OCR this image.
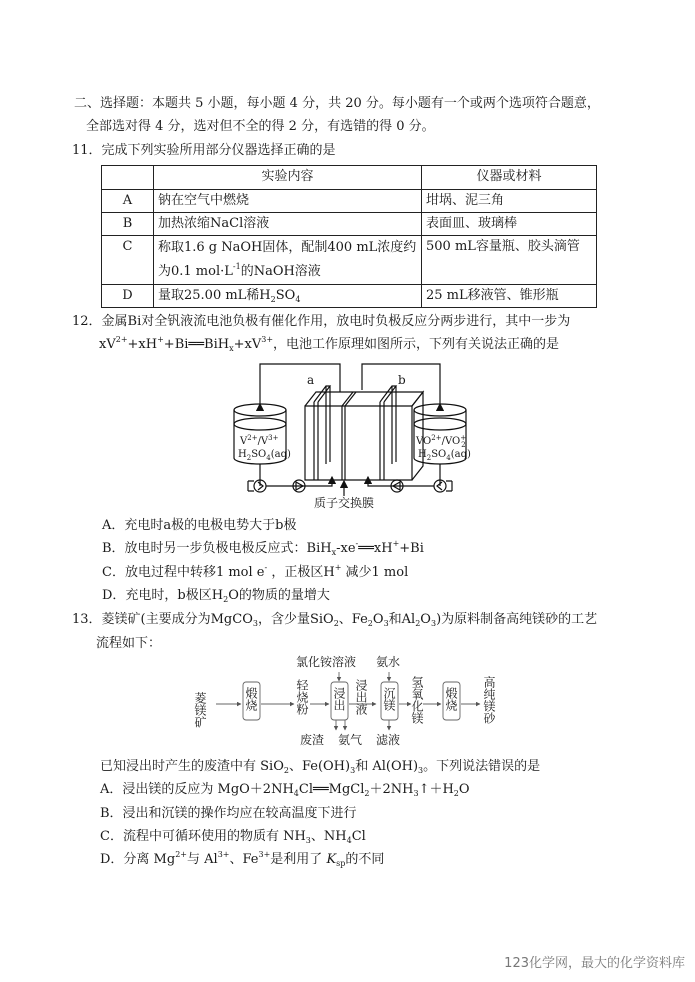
二、选择题：本题共 5 小题，每小题 4 分，共 20 分。每小题有一个或两个选项符合题意，
全部选对得 4 分，选对但不全的得 2 分，有选错的得 0 分。
11．完成下列实验所用部分仪器选择正确的是
	实验内容	仪器或材料
A	钠在空气中燃烧	坩埚、泥三角
B	加热浓缩NaCl溶液	表面皿、玻璃棒
C	称取1.6 g NaOH固体，配制400 mL浓度约
为0.1 $mol\cdot L^{-1}$的NaOH溶液	500 mL容量瓶、胶头滴管
D	量取25.00 mL稀$H_2SO_4$	25 mL移液管、锥形瓶
12．金属Bi对全钒液流电池负极有催化作用，放电时负极反应分两步进行，其中一步为
$xV^{2+}+xH^++Bi══BiH_x+xV^{3+}$，电池工作原理如图所示，下列有关说法正确的是
a	b
$V^{2+}/V^{3+}$
$H_2SO_4(aq)$
$VO^{2+}/VO^+$ 2
$H_2SO_4(aq)$
质子交换膜
A．充电时a极的电极电势大于b极
B．放电时另一步负极电极反应式：BiH$_x$-xe-══xH++Bi
C．放电过程中转移1 mol e- ，正极区H+ 减少1 mol
D．充电时，b极区$H_2O$的物质的量增大
13．菱镁矿(主要成分为MgCO$_3$，含少量SiO$_2$、$Fe_2O_3$和$Al_2O_3$)为原料制备高纯镁砂的工艺
流程如下：
菱镁矿	煅烧	轻烧粉
氯化铵溶液
浸出
废渣 氨气
浸出液
氨水
沉镁
滤液
氢氧化镁 煅烧 高纯镁砂
已知浸出时产生的废渣中有 SiO$_2$、$Fe(OH)_3$和 $Al(OH)_3$。下列说法错误的是
A．浸出镁的反应为 $MgO+2NH_4Cl══MgCl_2+2NH_3↑+H_2O$
B．浸出和沉镁的操作均应在较高温度下进行
C．流程中可循环使用的物质有 $NH_3$、$NH_4Cl$
D．分离 $Mg^{2+}$与 $Al^{3+}$、$Fe^{3+}$是利用了 $K_{sp}$的不同
123化学网，最大的化学资料库
